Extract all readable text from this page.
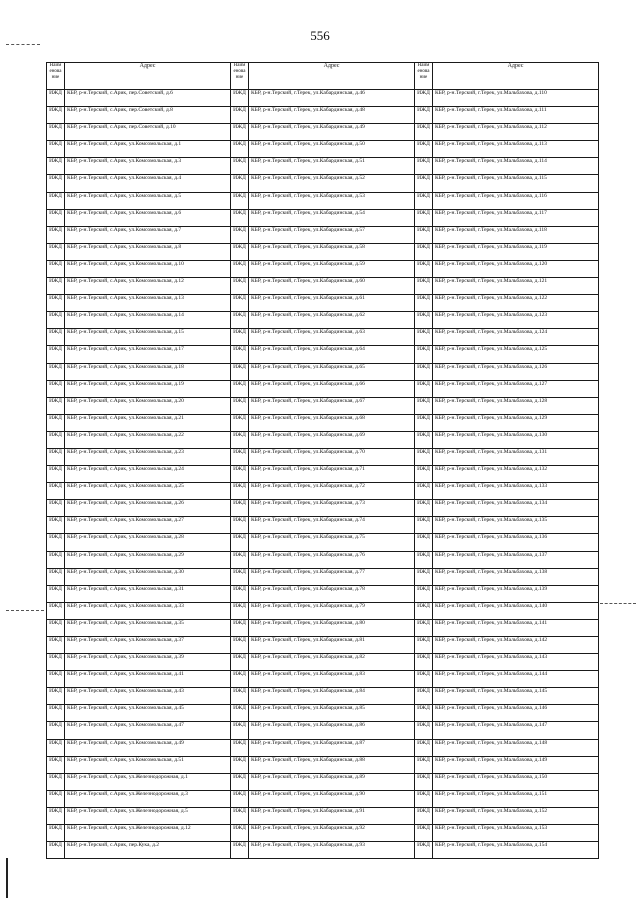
556
Наим енова ние	Адрес	Наим енова ние	Адрес	Наим енова ние	Адрес
ИЖД	КБР, р-н.Терский, с.Арик, пер.Советский, д.6	ИЖД	КБР, р-н.Терский, г.Терек, ул.Кабардинская, д.46	ИЖД	КБР, р-н.Терский, г.Терек, ул.Мальбахова, д.110
ИЖД	КБР, р-н.Терский, с.Арик, пер.Советский, д.8	ИЖД	КБР, р-н.Терский, г.Терек, ул.Кабардинская, д.48	ИЖД	КБР, р-н.Терский, г.Терек, ул.Мальбахова, д.111
ИЖД	КБР, р-н.Терский, с.Арик, пер.Советский, д.10	ИЖД	КБР, р-н.Терский, г.Терек, ул.Кабардинская, д.49	ИЖД	КБР, р-н.Терский, г.Терек, ул.Мальбахова, д.112
ИЖД	КБР, р-н.Терский, с.Арик, ул.Комсомольская, д.1	ИЖД	КБР, р-н.Терский, г.Терек, ул.Кабардинская, д.50	ИЖД	КБР, р-н.Терский, г.Терек, ул.Мальбахова, д.113
ИЖД	КБР, р-н.Терский, с.Арик, ул.Комсомольская, д.3	ИЖД	КБР, р-н.Терский, г.Терек, ул.Кабардинская, д.51	ИЖД	КБР, р-н.Терский, г.Терек, ул.Мальбахова, д.114
ИЖД	КБР, р-н.Терский, с.Арик, ул.Комсомольская, д.4	ИЖД	КБР, р-н.Терский, г.Терек, ул.Кабардинская, д.52	ИЖД	КБР, р-н.Терский, г.Терек, ул.Мальбахова, д.115
ИЖД	КБР, р-н.Терский, с.Арик, ул.Комсомольская, д.5	ИЖД	КБР, р-н.Терский, г.Терек, ул.Кабардинская, д.53	ИЖД	КБР, р-н.Терский, г.Терек, ул.Мальбахова, д.116
ИЖД	КБР, р-н.Терский, с.Арик, ул.Комсомольская, д.6	ИЖД	КБР, р-н.Терский, г.Терек, ул.Кабардинская, д.54	ИЖД	КБР, р-н.Терский, г.Терек, ул.Мальбахова, д.117
ИЖД	КБР, р-н.Терский, с.Арик, ул.Комсомольская, д.7	ИЖД	КБР, р-н.Терский, г.Терек, ул.Кабардинская, д.57	ИЖД	КБР, р-н.Терский, г.Терек, ул.Мальбахова, д.118
ИЖД	КБР, р-н.Терский, с.Арик, ул.Комсомольская, д.8	ИЖД	КБР, р-н.Терский, г.Терек, ул.Кабардинская, д.58	ИЖД	КБР, р-н.Терский, г.Терек, ул.Мальбахова, д.119
ИЖД	КБР, р-н.Терский, с.Арик, ул.Комсомольская, д.10	ИЖД	КБР, р-н.Терский, г.Терек, ул.Кабардинская, д.59	ИЖД	КБР, р-н.Терский, г.Терек, ул.Мальбахова, д.120
ИЖД	КБР, р-н.Терский, с.Арик, ул.Комсомольская, д.12	ИЖД	КБР, р-н.Терский, г.Терек, ул.Кабардинская, д.60	ИЖД	КБР, р-н.Терский, г.Терек, ул.Мальбахова, д.121
ИЖД	КБР, р-н.Терский, с.Арик, ул.Комсомольская, д.13	ИЖД	КБР, р-н.Терский, г.Терек, ул.Кабардинская, д.61	ИЖД	КБР, р-н.Терский, г.Терек, ул.Мальбахова, д.122
ИЖД	КБР, р-н.Терский, с.Арик, ул.Комсомольская, д.14	ИЖД	КБР, р-н.Терский, г.Терек, ул.Кабардинская, д.62	ИЖД	КБР, р-н.Терский, г.Терек, ул.Мальбахова, д.123
ИЖД	КБР, р-н.Терский, с.Арик, ул.Комсомольская, д.15	ИЖД	КБР, р-н.Терский, г.Терек, ул.Кабардинская, д.63	ИЖД	КБР, р-н.Терский, г.Терек, ул.Мальбахова, д.124
ИЖД	КБР, р-н.Терский, с.Арик, ул.Комсомольская, д.17	ИЖД	КБР, р-н.Терский, г.Терек, ул.Кабардинская, д.64	ИЖД	КБР, р-н.Терский, г.Терек, ул.Мальбахова, д.125
ИЖД	КБР, р-н.Терский, с.Арик, ул.Комсомольская, д.18	ИЖД	КБР, р-н.Терский, г.Терек, ул.Кабардинская, д.65	ИЖД	КБР, р-н.Терский, г.Терек, ул.Мальбахова, д.126
ИЖД	КБР, р-н.Терский, с.Арик, ул.Комсомольская, д.19	ИЖД	КБР, р-н.Терский, г.Терек, ул.Кабардинская, д.66	ИЖД	КБР, р-н.Терский, г.Терек, ул.Мальбахова, д.127
ИЖД	КБР, р-н.Терский, с.Арик, ул.Комсомольская, д.20	ИЖД	КБР, р-н.Терский, г.Терек, ул.Кабардинская, д.67	ИЖД	КБР, р-н.Терский, г.Терек, ул.Мальбахова, д.128
ИЖД	КБР, р-н.Терский, с.Арик, ул.Комсомольская, д.21	ИЖД	КБР, р-н.Терский, г.Терек, ул.Кабардинская, д.68	ИЖД	КБР, р-н.Терский, г.Терек, ул.Мальбахова, д.129
ИЖД	КБР, р-н.Терский, с.Арик, ул.Комсомольская, д.22	ИЖД	КБР, р-н.Терский, г.Терек, ул.Кабардинская, д.69	ИЖД	КБР, р-н.Терский, г.Терек, ул.Мальбахова, д.130
ИЖД	КБР, р-н.Терский, с.Арик, ул.Комсомольская, д.23	ИЖД	КБР, р-н.Терский, г.Терек, ул.Кабардинская, д.70	ИЖД	КБР, р-н.Терский, г.Терек, ул.Мальбахова, д.131
ИЖД	КБР, р-н.Терский, с.Арик, ул.Комсомольская, д.24	ИЖД	КБР, р-н.Терский, г.Терек, ул.Кабардинская, д.71	ИЖД	КБР, р-н.Терский, г.Терек, ул.Мальбахова, д.132
ИЖД	КБР, р-н.Терский, с.Арик, ул.Комсомольская, д.25	ИЖД	КБР, р-н.Терский, г.Терек, ул.Кабардинская, д.72	ИЖД	КБР, р-н.Терский, г.Терек, ул.Мальбахова, д.133
ИЖД	КБР, р-н.Терский, с.Арик, ул.Комсомольская, д.26	ИЖД	КБР, р-н.Терский, г.Терек, ул.Кабардинская, д.73	ИЖД	КБР, р-н.Терский, г.Терек, ул.Мальбахова, д.134
ИЖД	КБР, р-н.Терский, с.Арик, ул.Комсомольская, д.27	ИЖД	КБР, р-н.Терский, г.Терек, ул.Кабардинская, д.74	ИЖД	КБР, р-н.Терский, г.Терек, ул.Мальбахова, д.135
ИЖД	КБР, р-н.Терский, с.Арик, ул.Комсомольская, д.28	ИЖД	КБР, р-н.Терский, г.Терек, ул.Кабардинская, д.75	ИЖД	КБР, р-н.Терский, г.Терек, ул.Мальбахова, д.136
ИЖД	КБР, р-н.Терский, с.Арик, ул.Комсомольская, д.29	ИЖД	КБР, р-н.Терский, г.Терек, ул.Кабардинская, д.76	ИЖД	КБР, р-н.Терский, г.Терек, ул.Мальбахова, д.137
ИЖД	КБР, р-н.Терский, с.Арик, ул.Комсомольская, д.30	ИЖД	КБР, р-н.Терский, г.Терек, ул.Кабардинская, д.77	ИЖД	КБР, р-н.Терский, г.Терек, ул.Мальбахова, д.138
ИЖД	КБР, р-н.Терский, с.Арик, ул.Комсомольская, д.31	ИЖД	КБР, р-н.Терский, г.Терек, ул.Кабардинская, д.78	ИЖД	КБР, р-н.Терский, г.Терек, ул.Мальбахова, д.139
ИЖД	КБР, р-н.Терский, с.Арик, ул.Комсомольская, д.33	ИЖД	КБР, р-н.Терский, г.Терек, ул.Кабардинская, д.79	ИЖД	КБР, р-н.Терский, г.Терек, ул.Мальбахова, д.140
ИЖД	КБР, р-н.Терский, с.Арик, ул.Комсомольская, д.35	ИЖД	КБР, р-н.Терский, г.Терек, ул.Кабардинская, д.80	ИЖД	КБР, р-н.Терский, г.Терек, ул.Мальбахова, д.141
ИЖД	КБР, р-н.Терский, с.Арик, ул.Комсомольская, д.37	ИЖД	КБР, р-н.Терский, г.Терек, ул.Кабардинская, д.81	ИЖД	КБР, р-н.Терский, г.Терек, ул.Мальбахова, д.142
ИЖД	КБР, р-н.Терский, с.Арик, ул.Комсомольская, д.39	ИЖД	КБР, р-н.Терский, г.Терек, ул.Кабардинская, д.82	ИЖД	КБР, р-н.Терский, г.Терек, ул.Мальбахова, д.143
ИЖД	КБР, р-н.Терский, с.Арик, ул.Комсомольская, д.41	ИЖД	КБР, р-н.Терский, г.Терек, ул.Кабардинская, д.83	ИЖД	КБР, р-н.Терский, г.Терек, ул.Мальбахова, д.144
ИЖД	КБР, р-н.Терский, с.Арик, ул.Комсомольская, д.43	ИЖД	КБР, р-н.Терский, г.Терек, ул.Кабардинская, д.84	ИЖД	КБР, р-н.Терский, г.Терек, ул.Мальбахова, д.145
ИЖД	КБР, р-н.Терский, с.Арик, ул.Комсомольская, д.45	ИЖД	КБР, р-н.Терский, г.Терек, ул.Кабардинская, д.85	ИЖД	КБР, р-н.Терский, г.Терек, ул.Мальбахова, д.146
ИЖД	КБР, р-н.Терский, с.Арик, ул.Комсомольская, д.47	ИЖД	КБР, р-н.Терский, г.Терек, ул.Кабардинская, д.86	ИЖД	КБР, р-н.Терский, г.Терек, ул.Мальбахова, д.147
ИЖД	КБР, р-н.Терский, с.Арик, ул.Комсомольская, д.49	ИЖД	КБР, р-н.Терский, г.Терек, ул.Кабардинская, д.87	ИЖД	КБР, р-н.Терский, г.Терек, ул.Мальбахова, д.148
ИЖД	КБР, р-н.Терский, с.Арик, ул.Комсомольская, д.51	ИЖД	КБР, р-н.Терский, г.Терек, ул.Кабардинская, д.88	ИЖД	КБР, р-н.Терский, г.Терек, ул.Мальбахова, д.149
ИЖД	КБР, р-н.Терский, с.Арик, ул.Железнодорожная, д.1	ИЖД	КБР, р-н.Терский, г.Терек, ул.Кабардинская, д.89	ИЖД	КБР, р-н.Терский, г.Терек, ул.Мальбахова, д.150
ИЖД	КБР, р-н.Терский, с.Арик, ул.Железнодорожная, д.3	ИЖД	КБР, р-н.Терский, г.Терек, ул.Кабардинская, д.90	ИЖД	КБР, р-н.Терский, г.Терек, ул.Мальбахова, д.151
ИЖД	КБР, р-н.Терский, с.Арик, ул.Железнодорожная, д.5	ИЖД	КБР, р-н.Терский, г.Терек, ул.Кабардинская, д.91	ИЖД	КБР, р-н.Терский, г.Терек, ул.Мальбахова, д.152
ИЖД	КБР, р-н.Терский, с.Арик, ул.Железнодорожная, д.12	ИЖД	КБР, р-н.Терский, г.Терек, ул.Кабардинская, д.92	ИЖД	КБР, р-н.Терский, г.Терек, ул.Мальбахова, д.153
ИЖД	КБР, р-н.Терский, с.Арик, пер.Кука, д.2	ИЖД	КБР, р-н.Терский, г.Терек, ул.Кабардинская, д.93	ИЖД	КБР, р-н.Терский, г.Терек, ул.Мальбахова, д.154
